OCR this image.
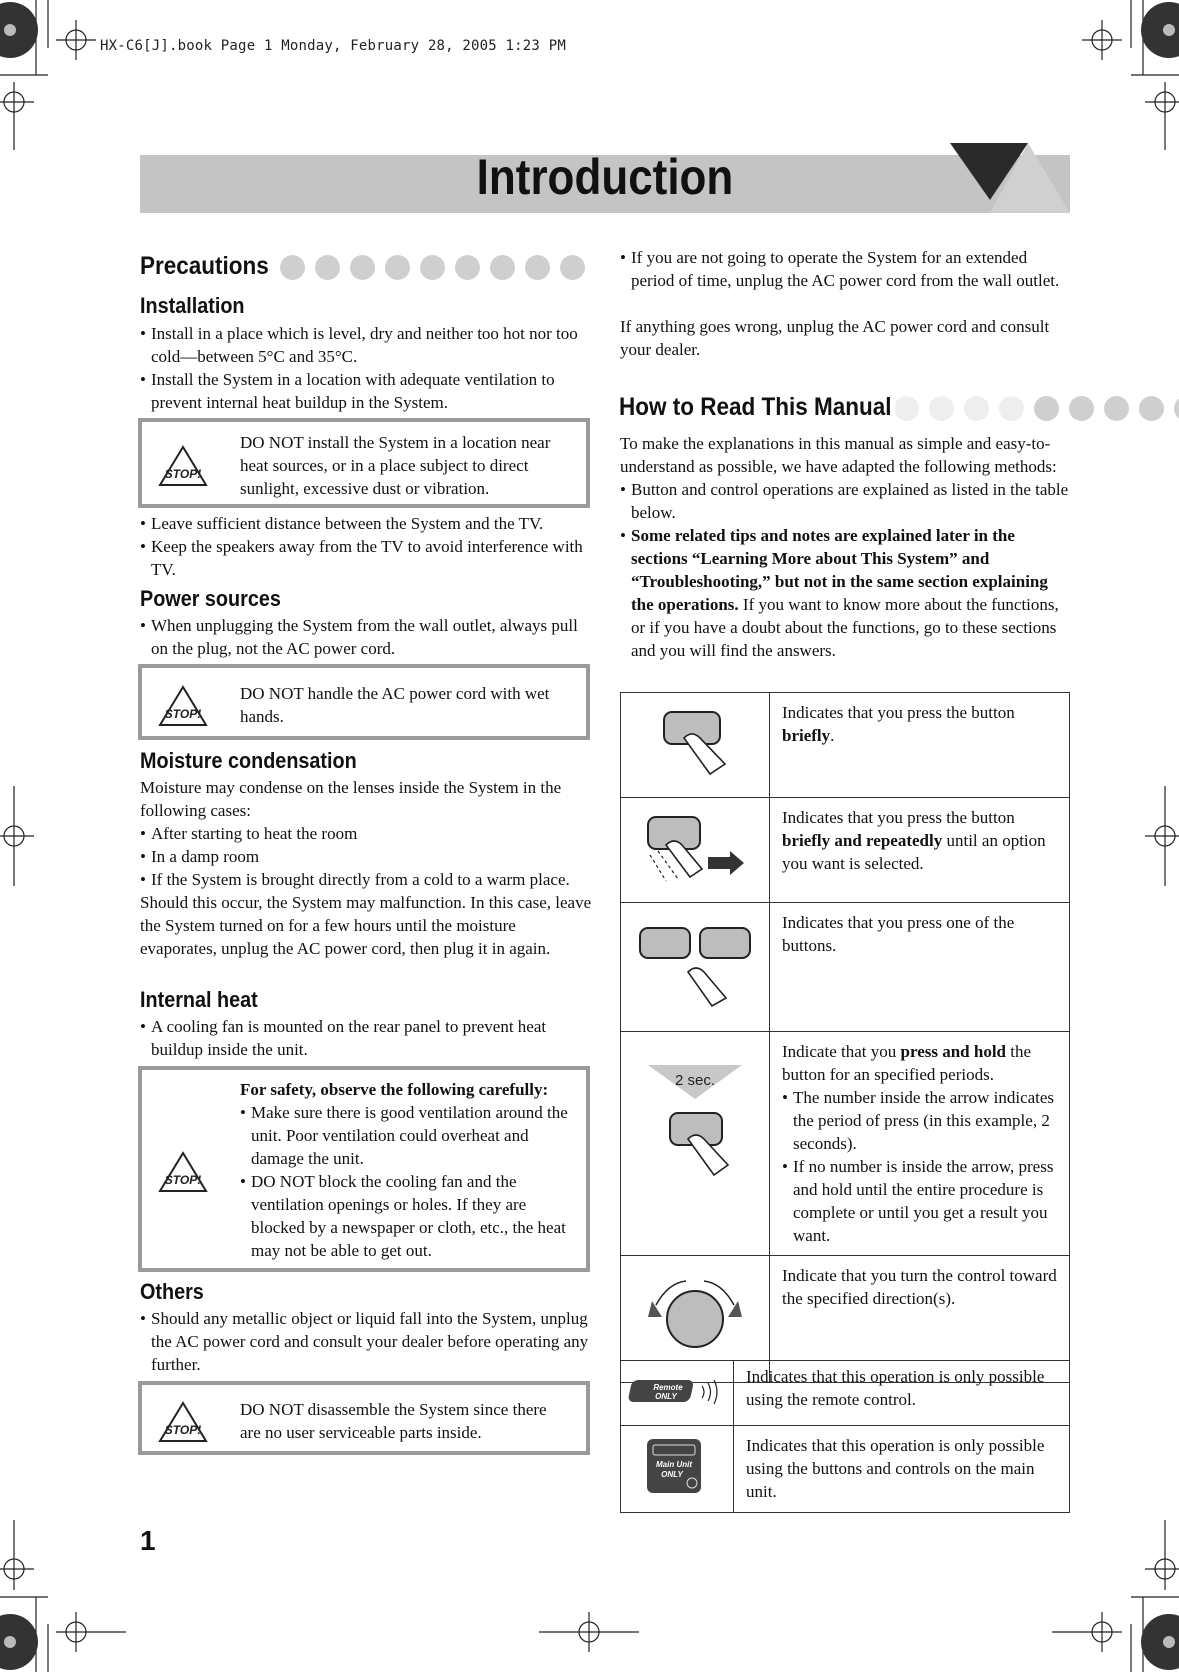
HX-C6[J].book Page 1 Monday, February 28, 2005 1:23 PM
Introduction
Precautions
Installation
• Install in a place which is level, dry and neither too hot nor too cold—between 5°C and 35°C.
• Install the System in a location with adequate ventilation to prevent internal heat buildup in the System.
STOP!
DO NOT install the System in a location near heat sources, or in a place subject to direct sunlight, excessive dust or vibration.
• Leave sufficient distance between the System and the TV.
• Keep the speakers away from the TV to avoid interference with TV.
Power sources
• When unplugging the System from the wall outlet, always pull on the plug, not the AC power cord.
STOP!
DO NOT handle the AC power cord with wet hands.
Moisture condensation
Moisture may condense on the lenses inside the System in the following cases:
• After starting to heat the room
• In a damp room
• If the System is brought directly from a cold to a warm place.
Should this occur, the System may malfunction. In this case, leave the System turned on for a few hours until the moisture evaporates, unplug the AC power cord, then plug it in again.
Internal heat
• A cooling fan is mounted on the rear panel to prevent heat buildup inside the unit.
STOP!
For safety, observe the following carefully:
• Make sure there is good ventilation around the unit. Poor ventilation could overheat and damage the unit.
• DO NOT block the cooling fan and the ventilation openings or holes. If they are blocked by a newspaper or cloth, etc., the heat may not be able to get out.
Others
• Should any metallic object or liquid fall into the System, unplug the AC power cord and consult your dealer before operating any further.
STOP!
DO NOT disassemble the System since there are no user serviceable parts inside.
1
• If you are not going to operate the System for an extended period of time, unplug the AC power cord from the wall outlet.
If anything goes wrong, unplug the AC power cord and consult your dealer.
How to Read This Manual
To make the explanations in this manual as simple and easy-to-understand as possible, we have adapted the following methods:
• Button and control operations are explained as listed in the table below.
• Some related tips and notes are explained later in the sections “Learning More about This System” and “Troubleshooting,” but not in the same section explaining the operations. If you want to know more about the functions, or if you have a doubt about the functions, go to these sections and you will find the answers.
	Indicates that you press the button briefly.
	Indicates that you press the button briefly and repeatedly until an option you want is selected.
	Indicates that you press one of the buttons.

2 sec.	Indicate that you press and hold the button for an specified periods.
• The number inside the arrow indicates the period of press (in this example, 2 seconds).
• If no number is inside the arrow, press and hold until the entire procedure is complete or until you get a result you want.

	Indicate that you turn the control toward the specified direction(s).
Remote
ONLY	Indicates that this operation is only possible using the remote control.

Main Unit
ONLY	Indicates that this operation is only possible using the buttons and controls on the main unit.
